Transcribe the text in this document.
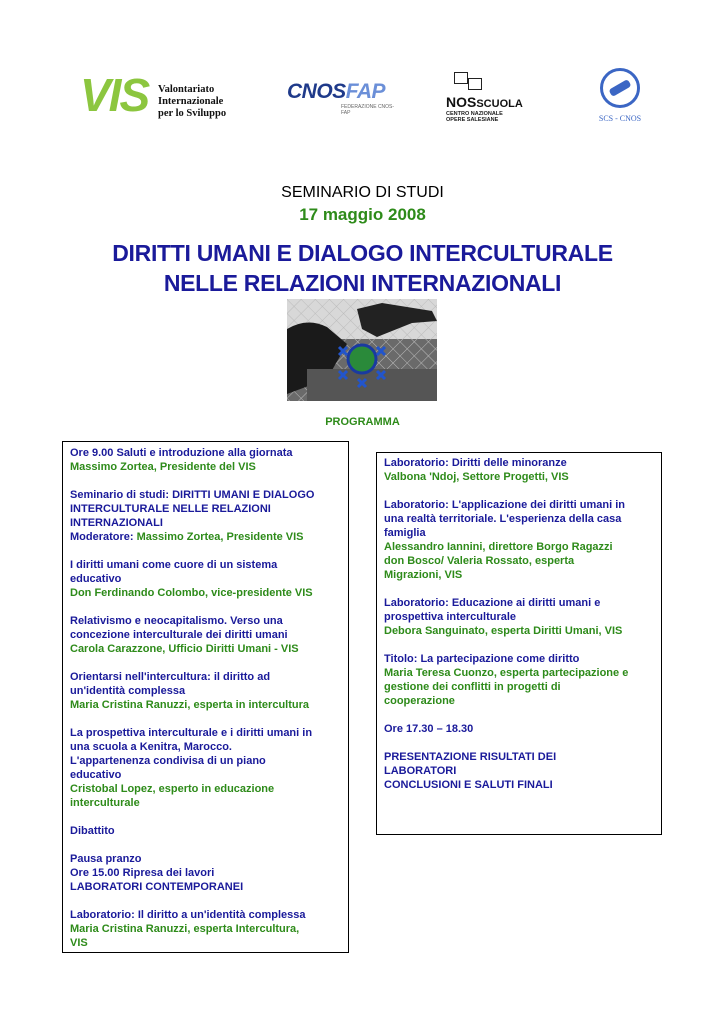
VIS Valontariato
Internazionale
per lo Sviluppo
CNOSFAP
FEDERAZIONE CNOS-FAP
NOSSCUOLA
CENTRO NAZIONALE
OPERE SALESIANE	SCS - CNOS
SEMINARIO DI STUDI
17 maggio 2008
DIRITTI UMANI E DIALOGO INTERCULTURALE
NELLE RELAZIONI INTERNAZIONALI
PROGRAMMA
Ore 9.00 Saluti e introduzione alla giornata
Massimo Zortea, Presidente del VIS
Seminario di studi: DIRITTI UMANI E DIALOGO
INTERCULTURALE NELLE RELAZIONI
INTERNAZIONALI
Moderatore: Massimo Zortea, Presidente VIS
I diritti umani come cuore di un sistema
educativo
Don Ferdinando Colombo, vice-presidente VIS
Relativismo e neocapitalismo. Verso una
concezione interculturale dei diritti umani
Carola Carazzone, Ufficio Diritti Umani - VIS
Orientarsi nell'intercultura: il diritto ad
un'identità complessa
Maria Cristina Ranuzzi, esperta in intercultura
La prospettiva interculturale e i diritti umani in
una scuola a Kenitra, Marocco.
L'appartenenza condivisa di un piano
educativo
Cristobal Lopez, esperto in educazione
interculturale
Dibattito
Pausa pranzo
Ore 15.00 Ripresa dei lavori
LABORATORI CONTEMPORANEI
Laboratorio: Il diritto a un'identità complessa
Maria Cristina Ranuzzi, esperta Intercultura,
VIS
Laboratorio: Diritti delle minoranze
Valbona 'Ndoj, Settore Progetti, VIS
Laboratorio: L'applicazione dei diritti umani in
una realtà territoriale. L'esperienza della casa
famiglia
Alessandro Iannini, direttore Borgo Ragazzi
don Bosco/ Valeria Rossato, esperta
Migrazioni, VIS
Laboratorio: Educazione ai diritti umani e
prospettiva interculturale
Debora Sanguinato, esperta Diritti Umani, VIS
Titolo: La partecipazione come diritto
Maria Teresa Cuonzo, esperta partecipazione e
gestione dei conflitti in progetti di
cooperazione
Ore 17.30 – 18.30
PRESENTAZIONE RISULTATI DEI
LABORATORI
CONCLUSIONI E SALUTI FINALI
